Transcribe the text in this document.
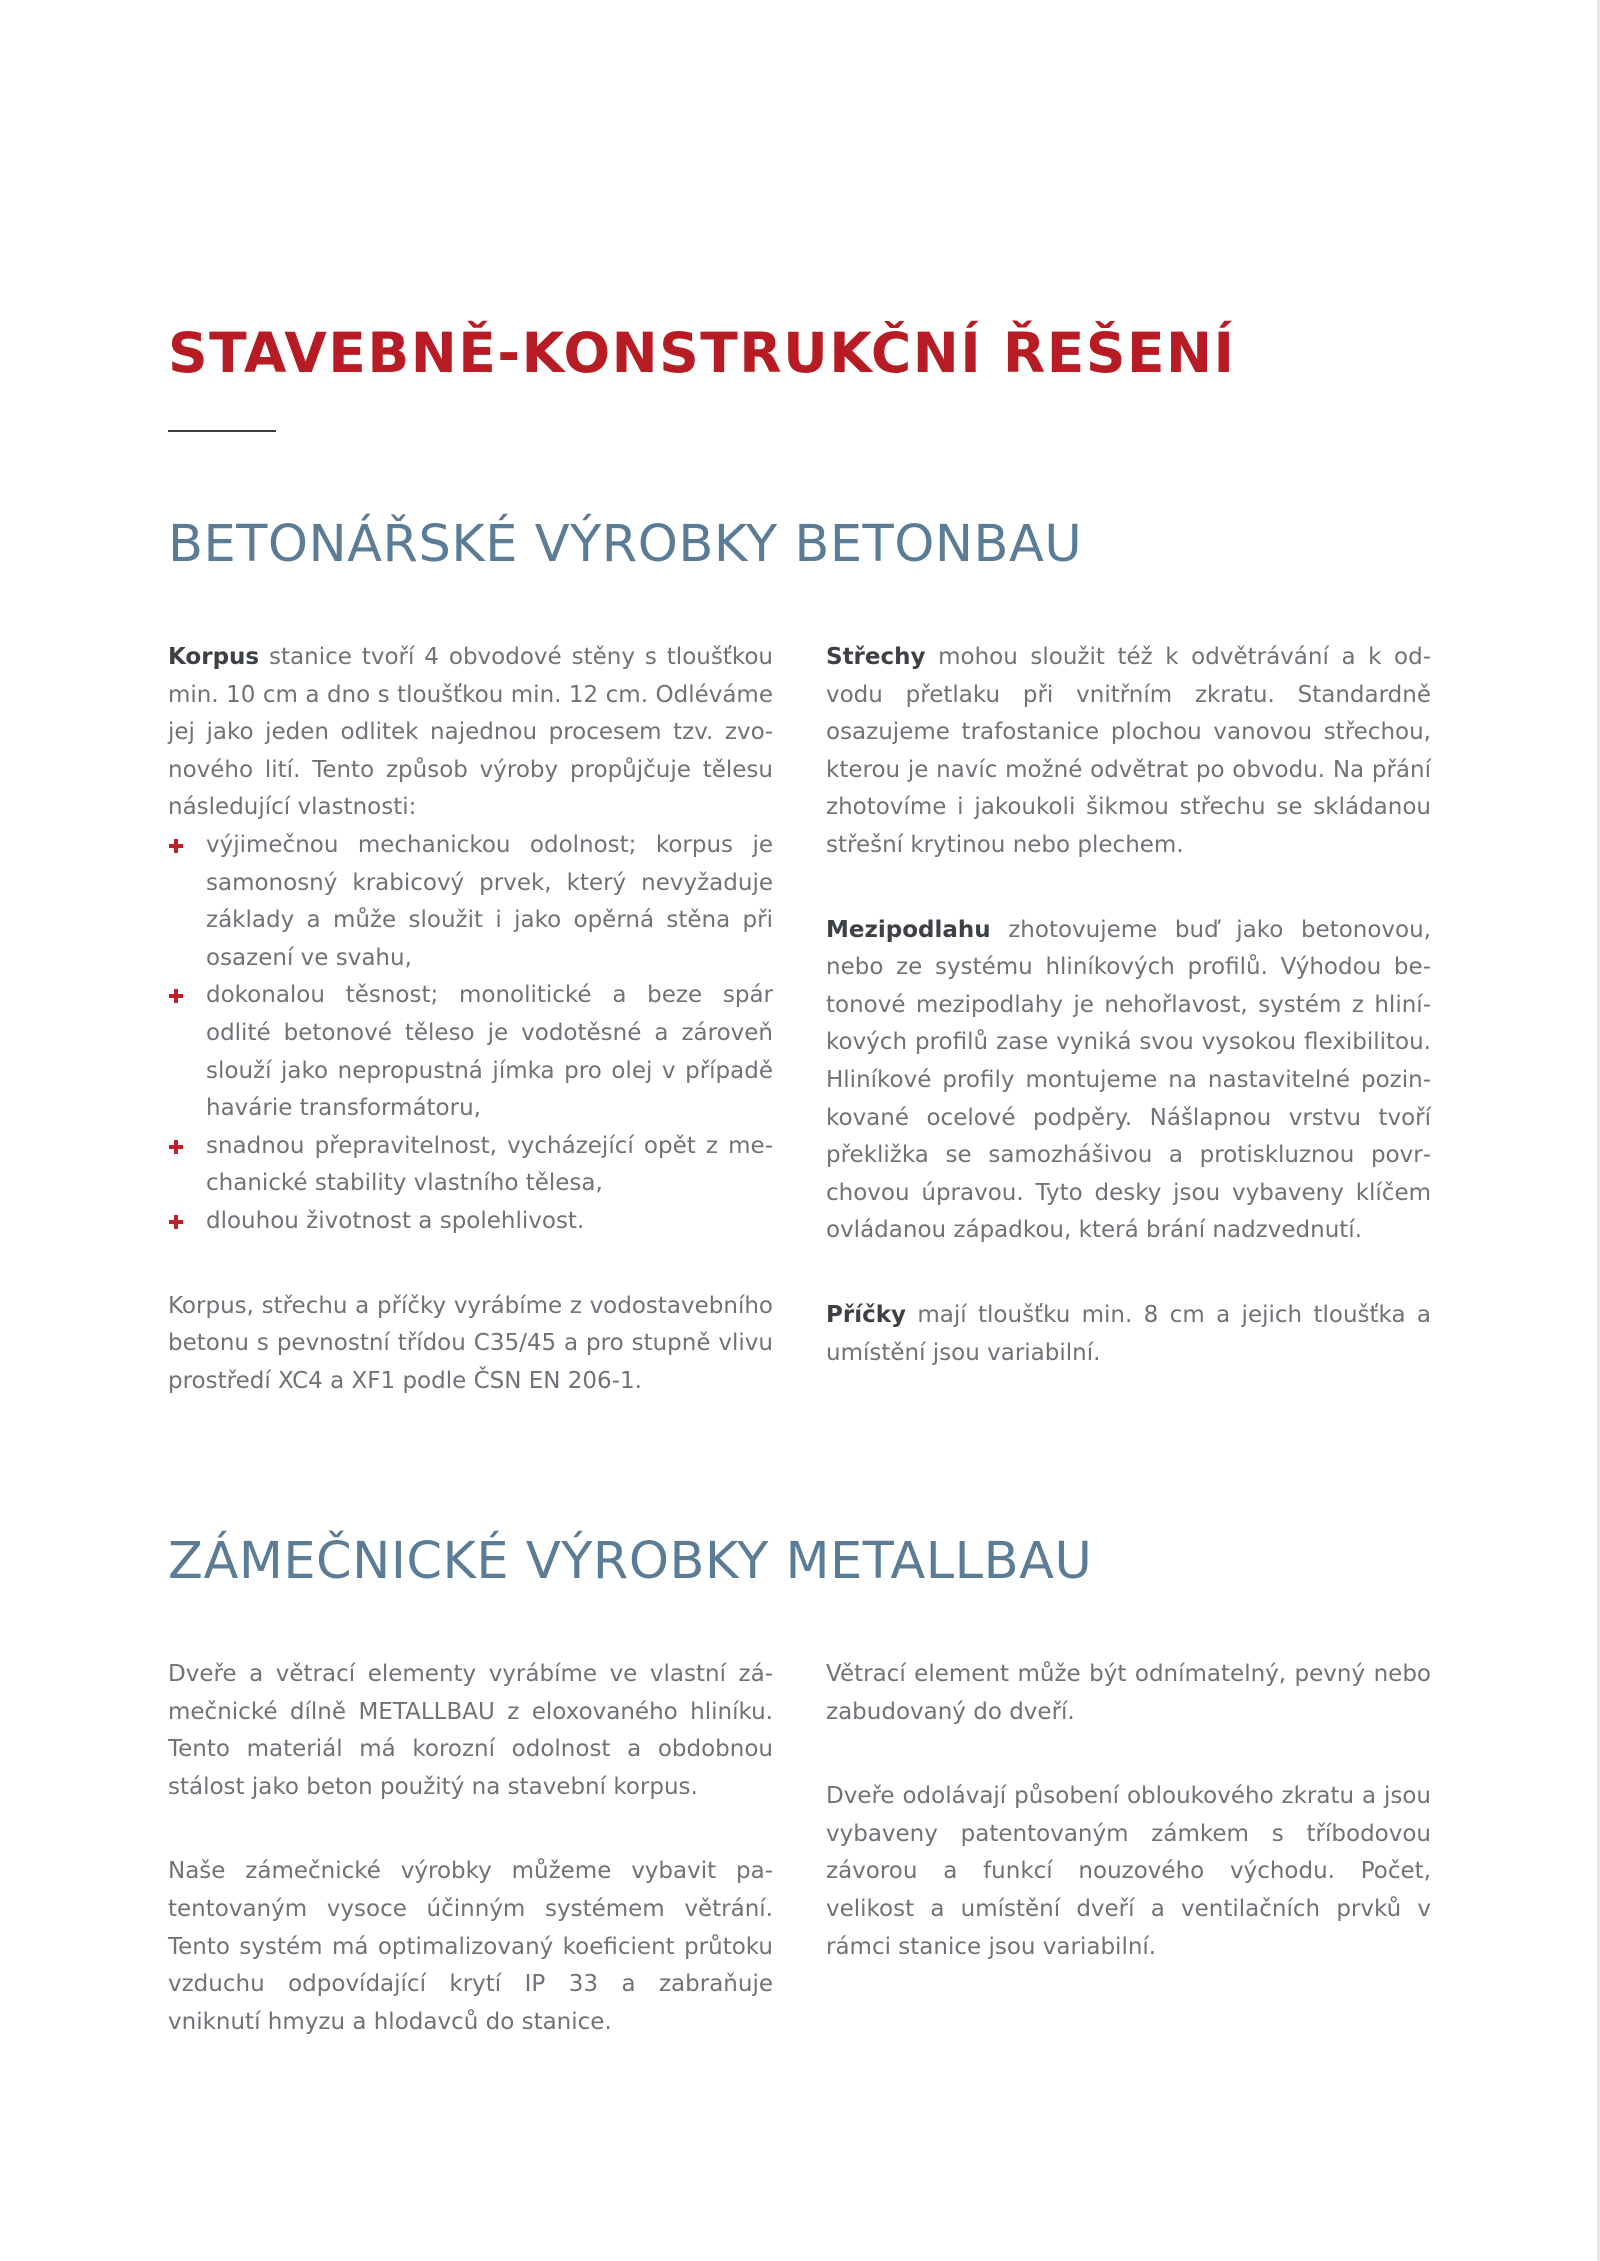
STAVEBNĚ-KONSTRUKČNÍ ŘEŠENÍ
BETONÁŘSKÉ VÝROBKY BETONBAU

Korpus stanice tvoří 4 obvodové stěny s tloušťkou min. 10 cm a dno s tloušťkou min. 12 cm. Odléváme jej jako jeden odlitek najednou procesem tzv. zvonového lití. Tento způsob výroby propůjčuje tělesu následující vlastnosti:

výjimečnou mechanickou odolnost; korpus je samonosný krabicový prvek, který nevyžaduje základy a může sloužit i jako opěrná stěna při osazení ve svahu,
dokonalou těsnost; monolitické a beze spár odlité betonové těleso je vodotěsné a zároveň slouží jako nepropustná jímka pro olej v případě havárie transformátoru,
snadnou přepravitelnost, vycházející opět z mechanické stability vlastního tělesa,
dlouhou životnost a spolehlivost.

Korpus, střechu a příčky vyrábíme z vodostavebního betonu s pevnostní třídou C35/45 a pro stupně vlivu prostředí XC4 a XF1 podle ČSN EN 206-1.

Střechy mohou sloužit též k odvětrávání a k odvodu přetlaku při vnitřním zkratu. Standardně osazujeme trafostanice plochou vanovou střechou, kterou je navíc možné odvětrat po obvodu. Na přání zhotovíme i jakoukoli šikmou střechu se skládanou střešní krytinou nebo plechem.

Mezipodlahu zhotovujeme buď jako betonovou, nebo ze systému hliníkových profilů. Výhodou betonové mezipodlahy je nehořlavost, systém z hliníkových profilů zase vyniká svou vysokou flexibilitou. Hliníkové profily montujeme na nastavitelné pozinkované ocelové podpěry. Nášlapnou vrstvu tvoří překližka se samozhášivou a protiskluznou povrchovou úpravou. Tyto desky jsou vybaveny klíčem ovládanou západkou, která brání nadzvednutí.

Příčky mají tloušťku min. 8 cm a jejich tloušťka a umístění jsou variabilní.

ZÁMEČNICKÉ VÝROBKY METALLBAU

Dveře a větrací elementy vyrábíme ve vlastní zámečnické dílně METALLBAU z eloxovaného hliníku. Tento materiál má korozní odolnost a obdobnou stálost jako beton použitý na stavební korpus.

Naše zámečnické výrobky můžeme vybavit patentovaným vysoce účinným systémem větrání. Tento systém má optimalizovaný koeficient průtoku vzduchu odpovídající krytí IP 33 a zabraňuje vniknutí hmyzu a hlodavců do stanice.

Větrací element může být odnímatelný, pevný nebo zabudovaný do dveří.

Dveře odolávají působení obloukového zkratu a jsou vybaveny patentovaným zámkem s tříbodovou závorou a funkcí nouzového východu. Počet, velikost a umístění dveří a ventilačních prvků v rámci stanice jsou variabilní.
